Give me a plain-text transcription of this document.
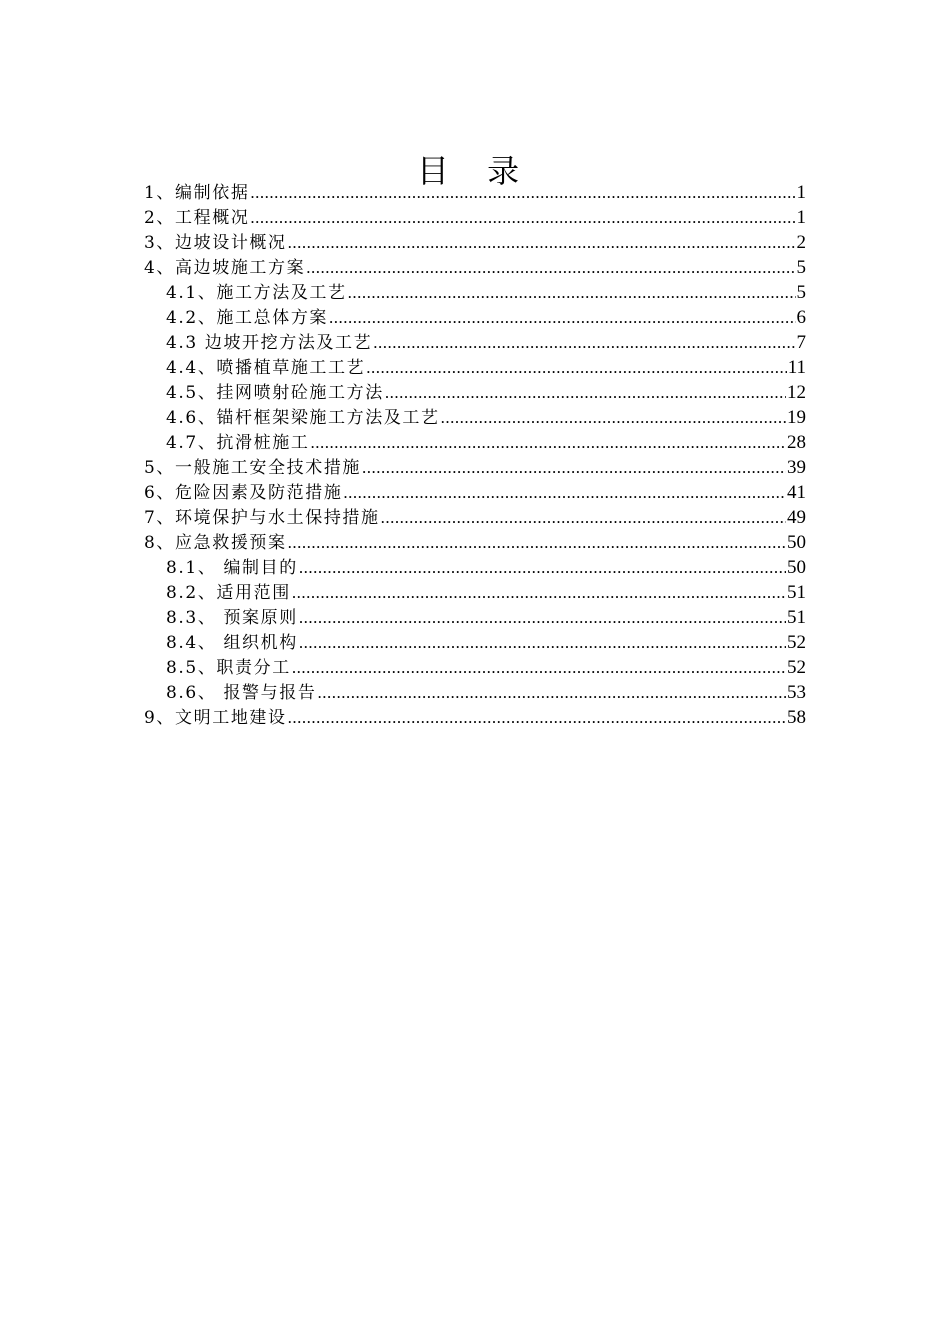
目 录
1、编制依据 .....	1
2、工程概况 .....	1
3、边坡设计概况 .....	2
4、高边坡施工方案 .....	5
4.1、施工方法及工艺 .....	5
4.2、施工总体方案 .....	6
4.3 边坡开挖方法及工艺 .....	7
4.4、喷播植草施工工艺 .....	11
4.5、挂网喷射砼施工方法 .....	12
4.6、锚杆框架梁施工方法及工艺 .....	19
4.7、抗滑桩施工 .....	28
5、一般施工安全技术措施 .....	39
6、危险因素及防范措施 .....	41
7、环境保护与水土保持措施 .....	49
8、应急救援预案 .....	50
8.1、 编制目的 .....	50
8.2、适用范围 .....	51
8.3、 预案原则 .....	51
8.4、 组织机构 .....	52
8.5、职责分工 .....	52
8.6、 报警与报告 .....	53
9、文明工地建设 .....	58
